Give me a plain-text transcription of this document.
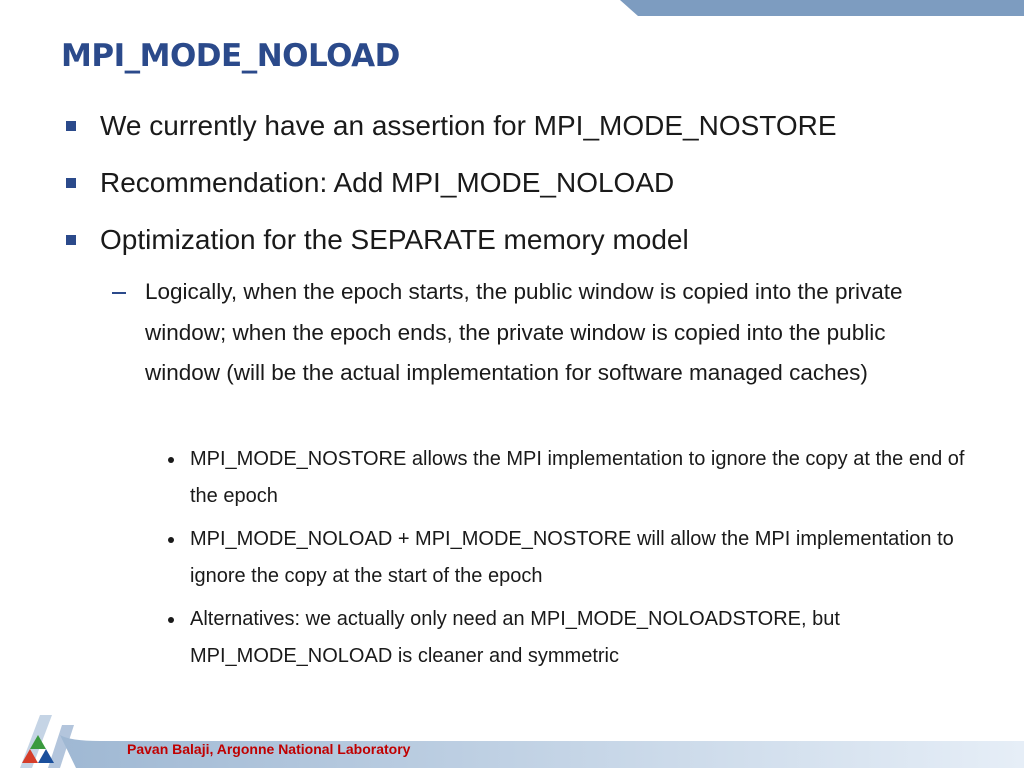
MPI_MODE_NOLOAD
We currently have an assertion for MPI_MODE_NOSTORE
Recommendation: Add MPI_MODE_NOLOAD
Optimization for the SEPARATE memory model
Logically, when the epoch starts, the public window is copied into the private window; when the epoch ends, the private window is copied into the public window (will be the actual implementation for software managed caches)
MPI_MODE_NOSTORE allows the MPI implementation to ignore the copy at the end of the epoch
MPI_MODE_NOLOAD + MPI_MODE_NOSTORE will allow the MPI implementation to ignore the copy at the start of the epoch
Alternatives: we actually only need an MPI_MODE_NOLOADSTORE, but MPI_MODE_NOLOAD is cleaner and symmetric
Pavan Balaji, Argonne National Laboratory
